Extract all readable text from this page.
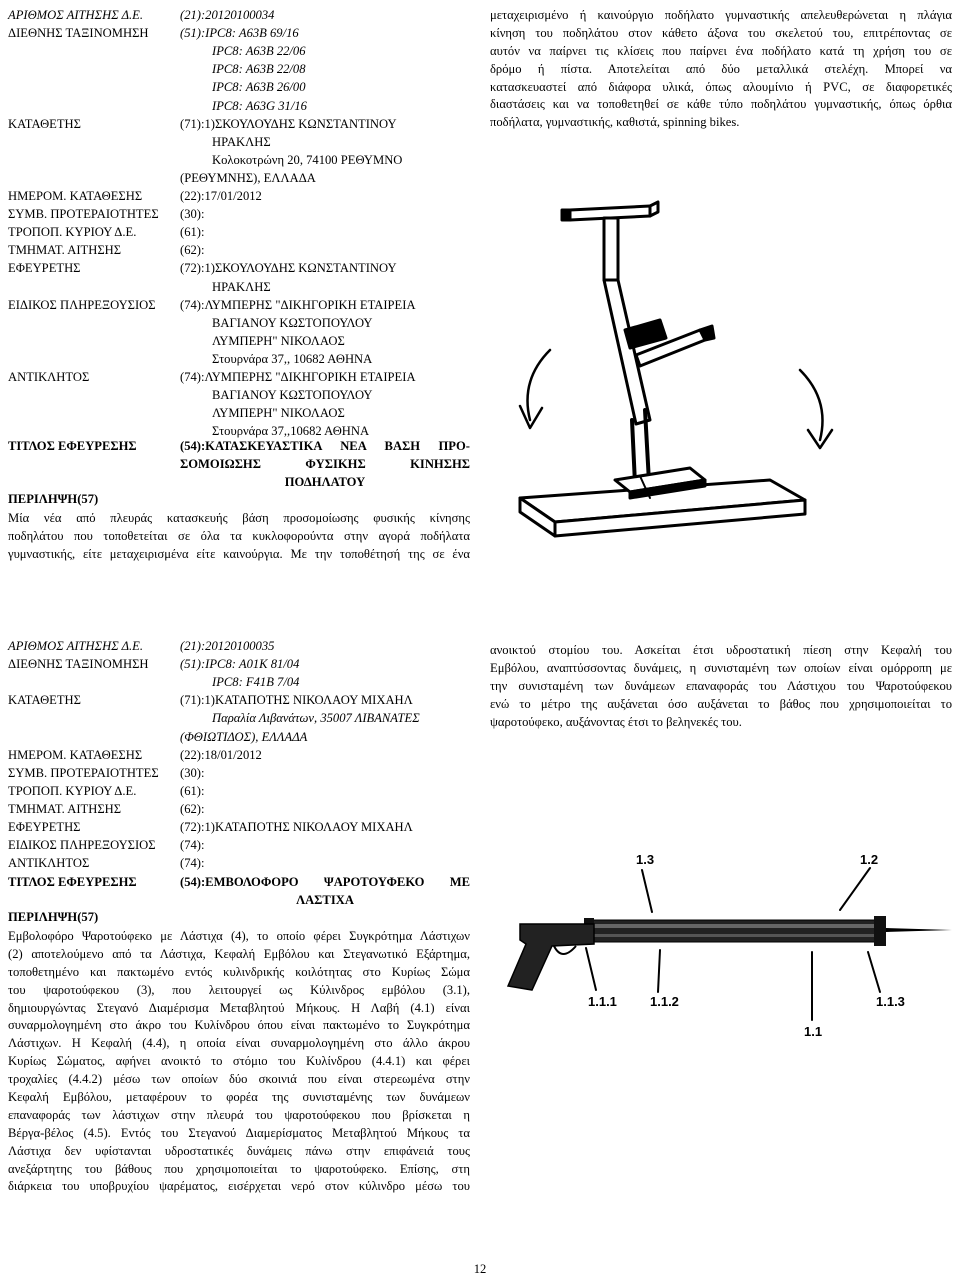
ΑΡΙΘΜΟΣ ΑΙΤΗΣΗΣ Δ.Ε.	(21):20120100034
ΔΙΕΘΝΗΣ ΤΑΞΙΝΟΜΗΣΗ	(51):IPC8: A63B 69/16
IPC8: A63B 22/06
IPC8: A63B 22/08
IPC8: A63B 26/00
IPC8: A63G 31/16
ΚΑΤΑΘΕΤΗΣ	(71):1)ΣΚΟΥΛΟΥΔΗΣ ΚΩΝΣΤΑΝΤΙΝΟΥ
ΗΡΑΚΛΗΣ
Κολοκοτρώνη 20, 74100 ΡΕΘΥΜΝΟ
(ΡΕΘΥΜΝΗΣ), ΕΛΛΑΔΑ
ΗΜΕΡΟΜ. ΚΑΤΑΘΕΣΗΣ	(22):17/01/2012
ΣΥΜΒ. ΠΡΟΤΕΡΑΙΟΤΗΤΕΣ (30):
ΤΡΟΠΟΠ. ΚΥΡΙΟΥ Δ.Ε.	(61):
ΤΜΗΜΑΤ. ΑΙΤΗΣΗΣ	(62):
ΕΦΕΥΡΕΤΗΣ	(72):1)ΣΚΟΥΛΟΥΔΗΣ ΚΩΝΣΤΑΝΤΙΝΟΥ
ΗΡΑΚΛΗΣ
ΕΙΔΙΚΟΣ ΠΛΗΡΕΞΟΥΣΙΟΣ (74):ΛΥΜΠΕΡΗΣ "ΔΙΚΗΓΟΡΙΚΗ ΕΤΑΙΡΕΙΑ
ΒΑΓΙΑΝΟΥ ΚΩΣΤΟΠΟΥΛΟΥ
ΛΥΜΠΕΡΗ" ΝΙΚΟΛΑΟΣ
Στουρνάρα 37,, 10682 ΑΘΗΝΑ
ΑΝΤΙΚΛΗΤΟΣ	(74):ΛΥΜΠΕΡΗΣ "ΔΙΚΗΓΟΡΙΚΗ ΕΤΑΙΡΕΙΑ
ΒΑΓΙΑΝΟΥ ΚΩΣΤΟΠΟΥΛΟΥ
ΛΥΜΠΕΡΗ" ΝΙΚΟΛΑΟΣ
Στουρνάρα 37,,10682 ΑΘΗΝΑ
ΤΙΤΛΟΣ ΕΦΕΥΡΕΣΗΣ	(54):ΚΑΤΑΣΚΕΥΑΣΤΙΚΑ ΝΕΑ ΒΑΣΗ ΠΡΟ-
ΣΟΜΟΙΩΣΗΣ ΦΥΣΙΚΗΣ ΚΙΝΗΣΗΣ
ΠΟΔΗΛΑΤΟΥ
ΠΕΡΙΛΗΨΗ(57)
Μία νέα από πλευράς κατασκευής βάση προσομοίωσης φυσικής κίνησης
ποδηλάτου που τοποθετείται σε όλα τα κυκλοφορούντα στην αγορά ποδήλατα
γυμναστικής, είτε μεταχειρισμένα είτε καινούργια. Με την τοποθέτησή της σε ένα
μεταχειρισμένο ή καινούργιο ποδήλατο γυμναστικής απελευθερώνεται η πλάγια
κίνηση του ποδηλάτου στον κάθετο άξονα του σκελετού του, επιτρέποντας σε
αυτόν να παίρνει τις κλίσεις που παίρνει ένα ποδήλατο κατά τη χρήση του σε
δρόμο ή πίστα. Αποτελείται από δύο μεταλλικά στελέχη. Μπορεί να
κατασκευαστεί από διάφορα υλικά, όπως αλουμίνιο ή PVC, σε διαφορετικές
διαστάσεις και να τοποθετηθεί σε κάθε τύπο ποδηλάτου γυμναστικής, όπως όρθια
ποδήλατα, γυμναστικής, καθιστά, spinning bikes.
ΑΡΙΘΜΟΣ ΑΙΤΗΣΗΣ Δ.Ε.	(21):20120100035
ΔΙΕΘΝΗΣ ΤΑΞΙΝΟΜΗΣΗ	(51):IPC8: A01K 81/04
IPC8: F41B 7/04
ΚΑΤΑΘΕΤΗΣ	(71):1)ΚΑΤΑΠΟΤΗΣ ΝΙΚΟΛΑΟΥ ΜΙΧΑΗΛ
Παραλία Λιβανάτων, 35007 ΛΙΒΑΝΑΤΕΣ
(ΦΘΙΩΤΙΔΟΣ), ΕΛΛΑΔΑ
ΗΜΕΡΟΜ. ΚΑΤΑΘΕΣΗΣ	(22):18/01/2012
ΣΥΜΒ. ΠΡΟΤΕΡΑΙΟΤΗΤΕΣ (30):
ΤΡΟΠΟΠ. ΚΥΡΙΟΥ Δ.Ε.	(61):
ΤΜΗΜΑΤ. ΑΙΤΗΣΗΣ	(62):
ΕΦΕΥΡΕΤΗΣ	(72):1)ΚΑΤΑΠΟΤΗΣ ΝΙΚΟΛΑΟΥ ΜΙΧΑΗΛ
ΕΙΔΙΚΟΣ ΠΛΗΡΕΞΟΥΣΙΟΣ (74):
ΑΝΤΙΚΛΗΤΟΣ	(74):
ΤΙΤΛΟΣ ΕΦΕΥΡΕΣΗΣ	(54):ΕΜΒΟΛΟΦΟΡΟ ΨΑΡΟΤΟΥΦΕΚΟ ΜΕ
ΛΑΣΤΙΧΑ
ΠΕΡΙΛΗΨΗ(57)
Εμβολοφόρο Ψαροτούφεκο με Λάστιχα (4), το οποίο φέρει Συγκρότημα Λάστιχων
(2) αποτελούμενο από τα Λάστιχα, Κεφαλή Εμβόλου και Στεγανωτικό Εξάρτημα,
τοποθετημένο και πακτωμένο εντός κυλινδρικής κοιλότητας στο Κυρίως Σώμα
του ψαροτούφεκου (3), που λειτουργεί ως Κύλινδρος εμβόλου (3.1),
δημιουργώντας Στεγανό Διαμέρισμα Μεταβλητού Μήκους. Η Λαβή (4.1) είναι
συναρμολογημένη στο άκρο του Κυλίνδρου όπου είναι πακτωμένο το Συγκρότημα
Λάστιχων. Η Κεφαλή (4.4), η οποία είναι συναρμολογημένη στο άλλο άκρου
Κυρίως Σώματος, αφήνει ανοικτό το στόμιο του Κυλίνδρου (4.4.1) και φέρει
τροχαλίες (4.4.2) μέσω των οποίων δύο σκοινιά που είναι στερεωμένα στην
Κεφαλή Εμβόλου, μεταφέρουν το φορέα της συνισταμένης των δυνάμεων
επαναφοράς των λάστιχων στην πλευρά του ψαροτούφεκου που βρίσκεται η
Βέργα-βέλος (4.5). Εντός του Στεγανού Διαμερίσματος Μεταβλητού Μήκους τα
Λάστιχα δεν υφίστανται υδροστατικές δυνάμεις πάνω στην επιφάνειά τους
ανεξάρτητης του βάθους που χρησιμοποιείται το ψαροτούφεκο. Επίσης, στη
διάρκεια του υποβρυχίου ψαρέματος, εισέρχεται νερό στον κύλινδρο μέσω του
ανοικτού στομίου του. Ασκείται έτσι υδροστατική πίεση στην Κεφαλή του
Εμβόλου, αναπτύσσοντας δυνάμεις, η συνισταμένη των οποίων είναι ομόρροπη με
την συνισταμένη των δυνάμεων επαναφοράς του Λάστιχου του Ψαροτούφεκου
ενώ το μέτρο της αυξάνεται όσο αυξάνεται το βάθος που χρησιμοποιείται το
ψαροτούφεκο, αυξάνοντας έτσι το βεληνεκές του.
1.3	1.2
1.1.1	1.1.2	1.1.3
1.1
12
